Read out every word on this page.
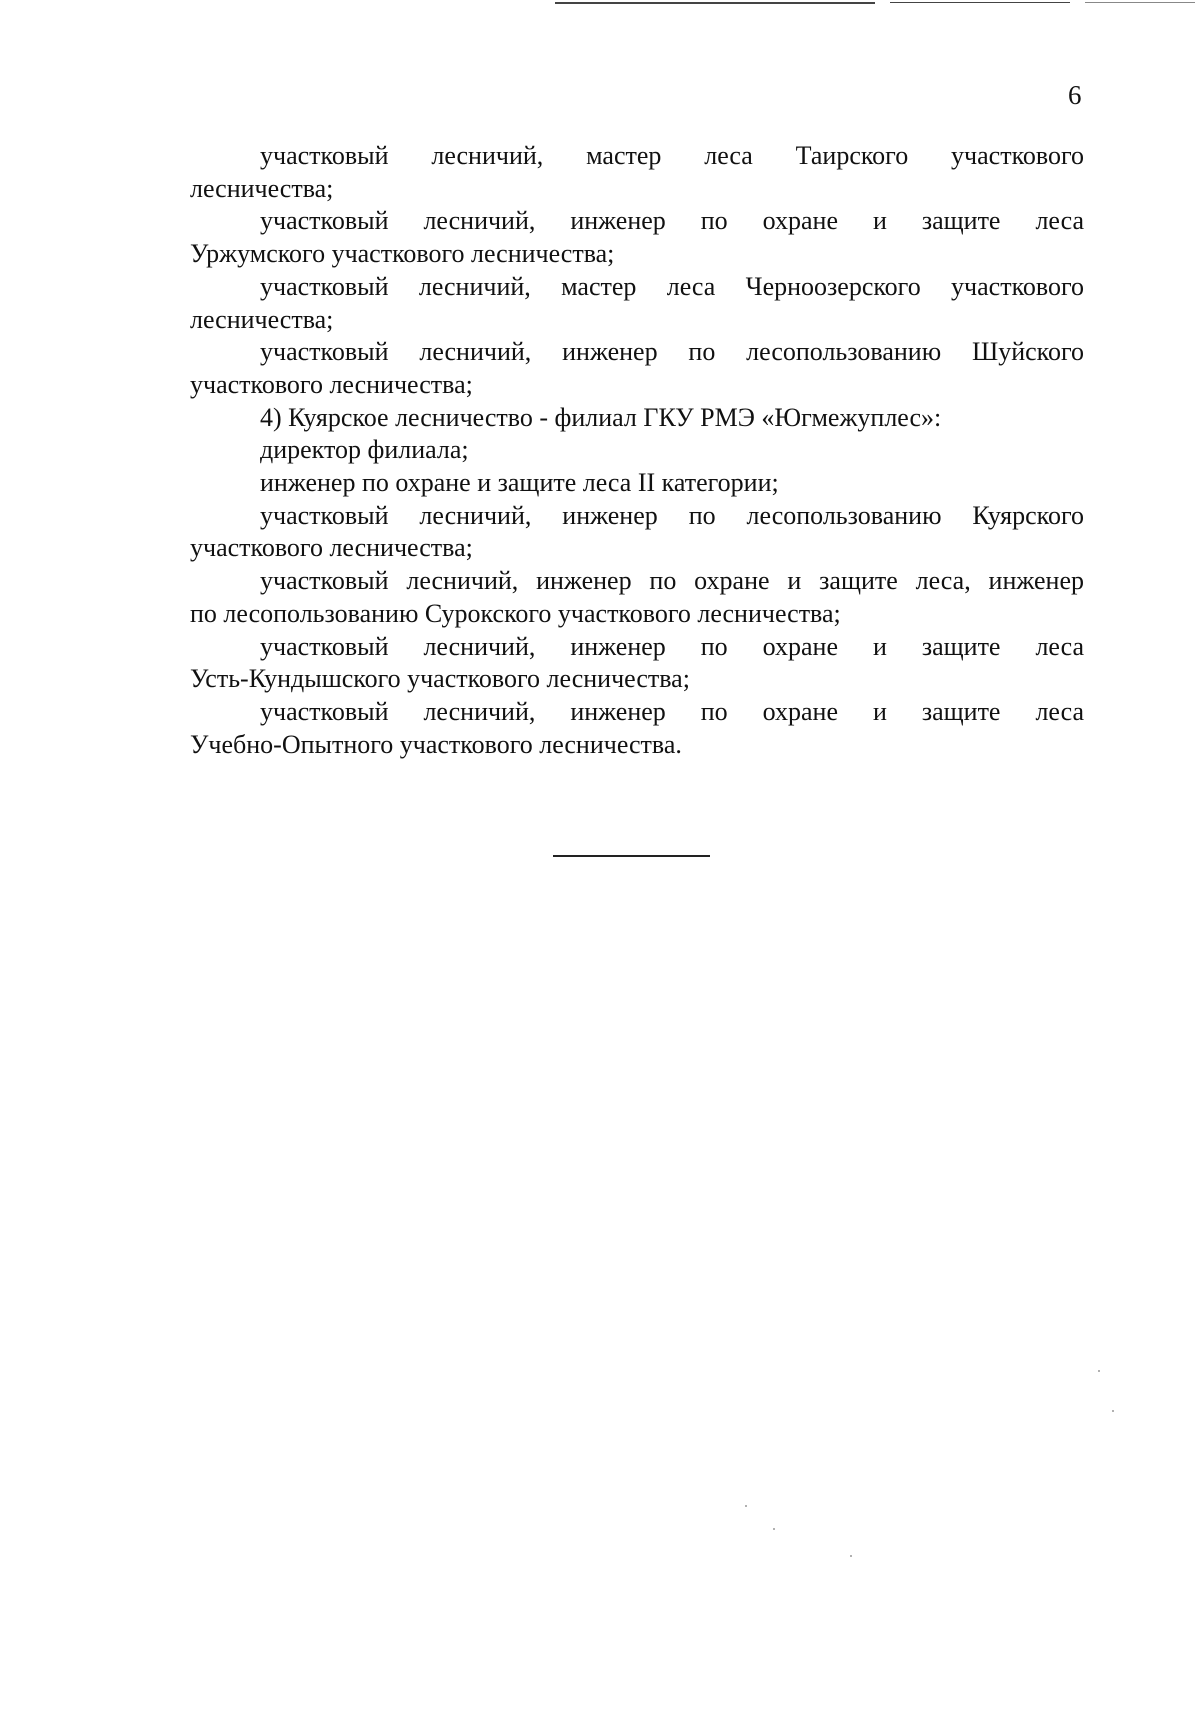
6
участковый лесничий, мастер леса Таирского участкового
лесничества;
участковый лесничий, инженер по охране и защите леса
Уржумского участкового лесничества;
участковый лесничий, мастер леса Черноозерского участкового
лесничества;
участковый лесничий, инженер по лесопользованию Шуйского
участкового лесничества;
4) Куярское лесничество - филиал ГКУ РМЭ «Югмежуплес»:
директор филиала;
инженер по охране и защите леса II категории;
участковый лесничий, инженер по лесопользованию Куярского
участкового лесничества;
участковый лесничий, инженер по охране и защите леса, инженер
по лесопользованию Сурокского участкового лесничества;
участковый лесничий, инженер по охране и защите леса
Усть-Кундышского участкового лесничества;
участковый лесничий, инженер по охране и защите леса
Учебно-Опытного участкового лесничества.
